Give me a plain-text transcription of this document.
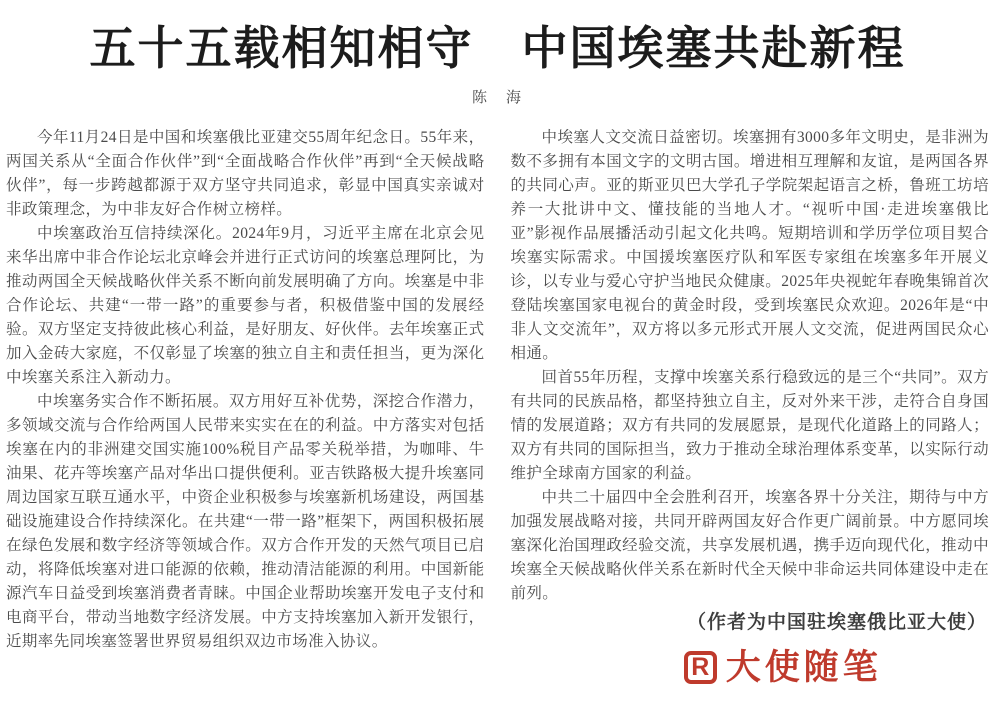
五十五载相知相守　中国埃塞共赴新程
陈　海

今年11月24日是中国和埃塞俄比亚建交55周年纪念日。55年来，两国关系从“全面合作伙伴”到“全面战略合作伙伴”再到“全天候战略伙伴”，每一步跨越都源于双方坚守共同追求，彰显中国真实亲诚对非政策理念，为中非友好合作树立榜样。

中埃塞政治互信持续深化。2024年9月，习近平主席在北京会见来华出席中非合作论坛北京峰会并进行正式访问的埃塞总理阿比，为推动两国全天候战略伙伴关系不断向前发展明确了方向。埃塞是中非合作论坛、共建“一带一路”的重要参与者，积极借鉴中国的发展经验。双方坚定支持彼此核心利益，是好朋友、好伙伴。去年埃塞正式加入金砖大家庭，不仅彰显了埃塞的独立自主和责任担当，更为深化中埃塞关系注入新动力。

中埃塞务实合作不断拓展。双方用好互补优势，深挖合作潜力，多领域交流与合作给两国人民带来实实在在的利益。中方落实对包括埃塞在内的非洲建交国实施100%税目产品零关税举措，为咖啡、牛油果、花卉等埃塞产品对华出口提供便利。亚吉铁路极大提升埃塞同周边国家互联互通水平，中资企业积极参与埃塞新机场建设，两国基础设施建设合作持续深化。在共建“一带一路”框架下，两国积极拓展在绿色发展和数字经济等领域合作。双方合作开发的天然气项目已启动，将降低埃塞对进口能源的依赖，推动清洁能源的利用。中国新能源汽车日益受到埃塞消费者青睐。中国企业帮助埃塞开发电子支付和电商平台，带动当地数字经济发展。中方支持埃塞加入新开发银行，近期率先同埃塞签署世界贸易组织双边市场准入协议。

中埃塞人文交流日益密切。埃塞拥有3000多年文明史，是非洲为数不多拥有本国文字的文明古国。增进相互理解和友谊，是两国各界的共同心声。亚的斯亚贝巴大学孔子学院架起语言之桥，鲁班工坊培养一大批讲中文、懂技能的当地人才。“视听中国·走进埃塞俄比亚”影视作品展播活动引起文化共鸣。短期培训和学历学位项目契合埃塞实际需求。中国援埃塞医疗队和军医专家组在埃塞多年开展义诊，以专业与爱心守护当地民众健康。2025年央视蛇年春晚集锦首次登陆埃塞国家电视台的黄金时段，受到埃塞民众欢迎。2026年是“中非人文交流年”，双方将以多元形式开展人文交流，促进两国民众心相通。

回首55年历程，支撑中埃塞关系行稳致远的是三个“共同”。双方有共同的民族品格，都坚持独立自主，反对外来干涉，走符合自身国情的发展道路；双方有共同的发展愿景，是现代化道路上的同路人；双方有共同的国际担当，致力于推动全球治理体系变革，以实际行动维护全球南方国家的利益。

中共二十届四中全会胜利召开，埃塞各界十分关注，期待与中方加强发展战略对接，共同开辟两国友好合作更广阔前景。中方愿同埃塞深化治国理政经验交流，共享发展机遇，携手迈向现代化，推动中埃塞全天候战略伙伴关系在新时代全天候中非命运共同体建设中走在前列。

（作者为中国驻埃塞俄比亚大使）
R 大使随笔
